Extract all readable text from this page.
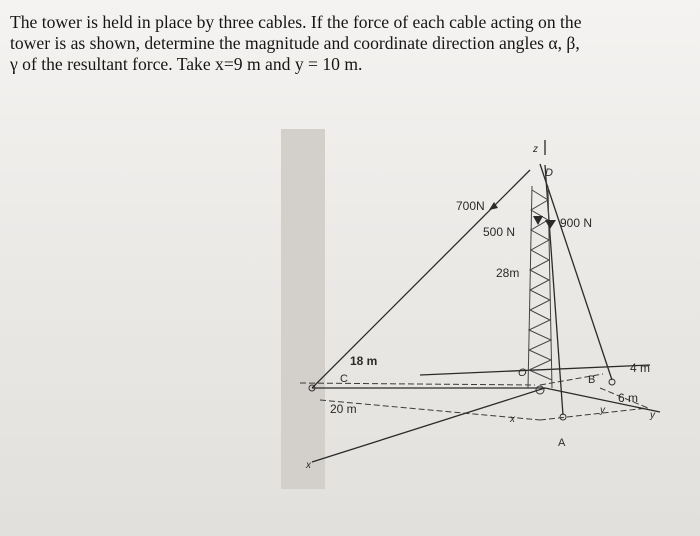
The tower is held in place by three cables. If the force of each cable acting on the
tower is as shown, determine the magnitude and coordinate direction angles α, β,
γ of the resultant force. Take x=9 m and y = 10 m.
700N
500 N
900 N
28m
18 m
20 m
4 m
6 m
D
C	B
A
O
z
x
y
x
y
